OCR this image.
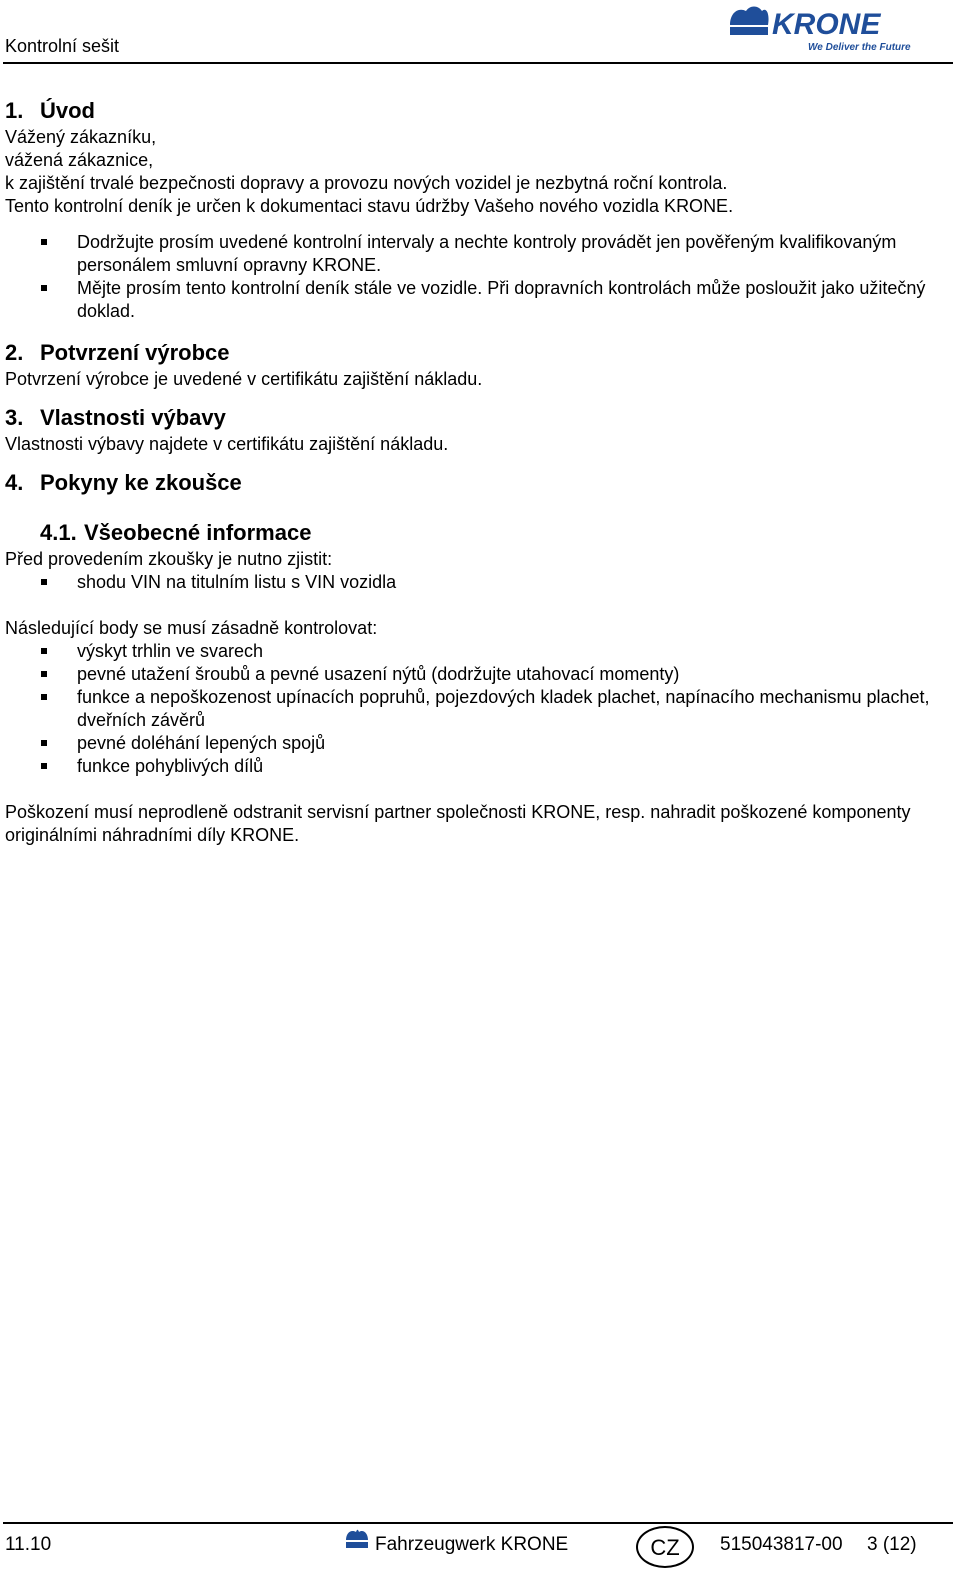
Kontrolní sešit
KRONE
We Deliver the Future
1. Úvod

Vážený zákazníku,

vážená zákaznice,

k zajištění trvalé bezpečnosti dopravy a provozu nových vozidel je nezbytná roční kontrola.

Tento kontrolní deník je určen k dokumentaci stavu údržby Vašeho nového vozidla KRONE.

Dodržujte prosím uvedené kontrolní intervaly a nechte kontroly provádět jen pověřeným kvalifikovaným personálem smluvní opravny KRONE.
Mějte prosím tento kontrolní deník stále ve vozidle. Při dopravních kontrolách může posloužit jako užitečný doklad.
2. Potvrzení výrobce

Potvrzení výrobce je uvedené v certifikátu zajištění nákladu.

3. Vlastnosti výbavy

Vlastnosti výbavy najdete v certifikátu zajištění nákladu.

4. Pokyny ke zkoušce
4.1. Všeobecné informace

Před provedením zkoušky je nutno zjistit:

shodu VIN na titulním listu s VIN vozidla

Následující body se musí zásadně kontrolovat:

výskyt trhlin ve svarech
pevné utažení šroubů a pevné usazení nýtů (dodržujte utahovací momenty)
funkce a nepoškozenost upínacích popruhů, pojezdových kladek plachet, napínacího mechanismu plachet, dveřních závěrů
pevné doléhání lepených spojů
funkce pohyblivých dílů

Poškození musí neprodleně odstranit servisní partner společnosti KRONE, resp. nahradit poškozené komponenty originálními náhradními díly KRONE.

11.10	Fahrzeugwerk KRONE	CZ	515043817-00 3 (12)
